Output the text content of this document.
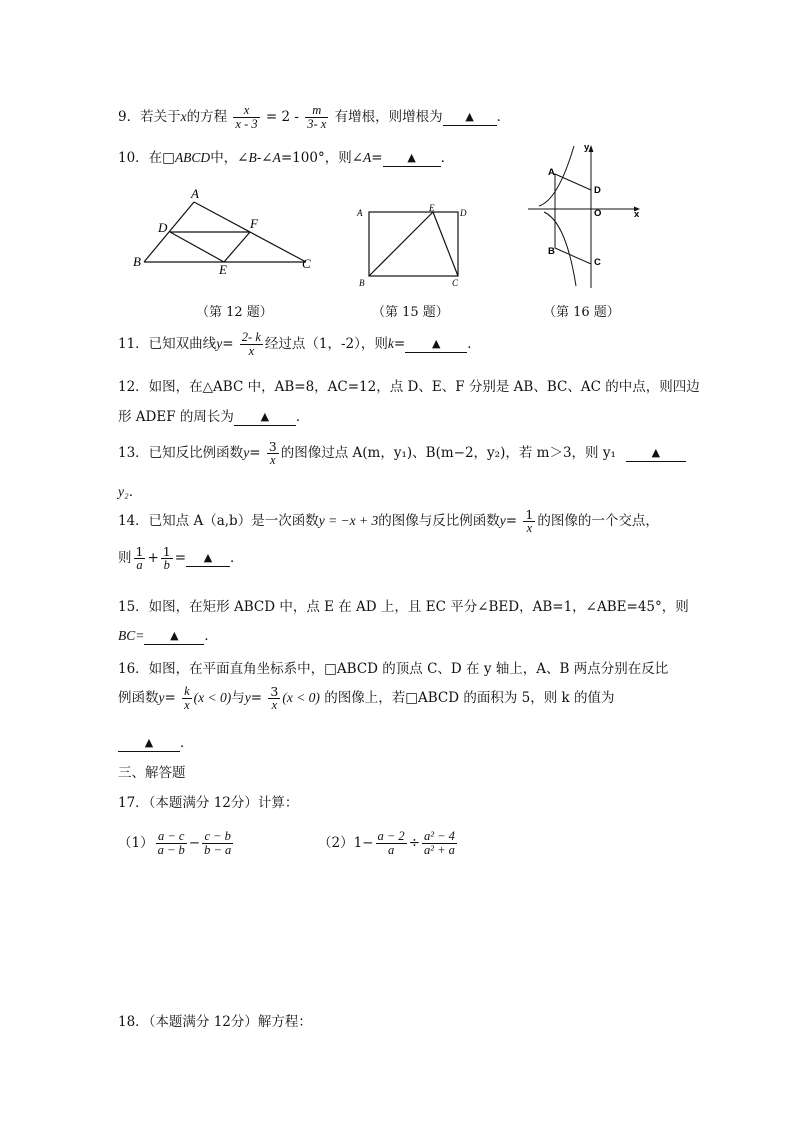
9．若关于x的方程 $\frac{x}{x - 3} = 2 - \frac{m}{3- x}$ 有增根，则增根为 ▲ ．
10．在□ABCD中，∠B-∠A=100°，则∠A= ▲ ．
A
D	F
B
E	C
（第 12 题）
A	E	D
B	C
（第 15 题）
A
D
O	x
y
B
C
（第 16 题）
11．已知双曲线$y= \frac{2- k}{x}$ 经过点（1，-2），则k= ▲ ．
12．如图，在△ABC 中，AB=8，AC=12，点 D、E、F 分别是 AB、BC、AC 的中点，则四边
形 ADEF 的周长为 ▲ ．
13．已知反比例函数$y= \frac{3}{x}$ 的图像过点 A(m，y₁)、B(m−2，y₂)，若 m＞3，则 y₁	▲
y₂．
14．已知点 A（a,b）是一次函数y = −x + 3的图像与反比例函数$y= \frac{1}{x}$ 的图像的一个交点，
则 $\frac{1}{a} + \frac{1}{b}$ = ▲ ．
15．如图，在矩形 ABCD 中，点 E 在 AD 上，且 EC 平分∠BED，AB=1，∠ABE=45°，则
BC= ▲ ．
16．如图，在平面直角坐标系中，□ABCD 的顶点 C、D 在 y 轴上，A、B 两点分别在反比
例函数$y= \frac{k}{x} (x < 0)$与$y= \frac{3}{x} (x < 0)$ 的图像上，若□ABCD 的面积为 5，则 k 的值为
▲ ．
三、解答题
17．（本题满分 12分）计算：
$(1) \frac{a - c}{a - b} - \frac{c - b}{b - a}$	$(2)1- \frac{a - 2}{a} \div \frac{\text{a² − 4}}{\text{a² + a}}$
18．（本题满分 12分）解方程：
